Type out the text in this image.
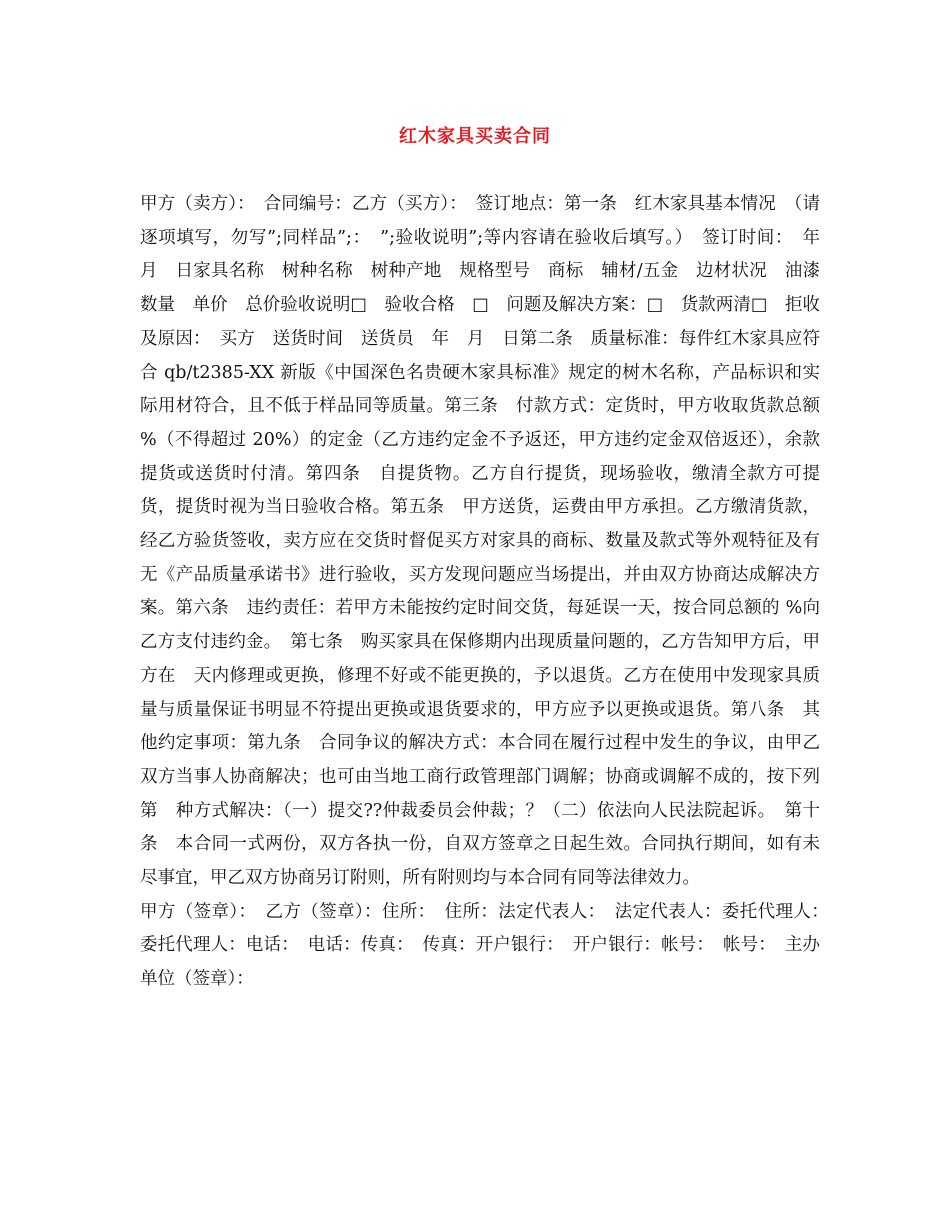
红木家具买卖合同

甲方（卖方）：　合同编号：乙方（买方）：　签订地点：第一条　红木家具基本情况　（请逐项填写，勿写”;同样品”;：　”;验收说明”;等内容请在验收后填写。）　签订时间：　年　月　日家具名称　树种名称　树种产地　规格型号　商标　辅材/五金　边材状况　油漆　数量　单价　总价验收说明□　验收合格　□　问题及解决方案：□　货款两清□　拒收及原因：　买方　送货时间　送货员　年　月　日第二条　质量标准：每件红木家具应符合 qb/t2385-XX 新版《中国深色名贵硬木家具标准》规定的树木名称，产品标识和实际用材符合，且不低于样品同等质量。第三条　付款方式：定货时，甲方收取货款总额 %（不得超过 20%）的定金（乙方违约定金不予返还，甲方违约定金双倍返还），余款提货或送货时付清。第四条　自提货物。乙方自行提货，现场验收，缴清全款方可提货，提货时视为当日验收合格。第五条　甲方送货，运费由甲方承担。乙方缴清货款，经乙方验货签收，卖方应在交货时督促买方对家具的商标、数量及款式等外观特征及有无《产品质量承诺书》进行验收，买方发现问题应当场提出，并由双方协商达成解决方案。第六条　违约责任：若甲方未能按约定时间交货，每延误一天，按合同总额的 %向乙方支付违约金。　第七条　购买家具在保修期内出现质量问题的，乙方告知甲方后，甲方在　天内修理或更换，修理不好或不能更换的，予以退货。乙方在使用中发现家具质量与质量保证书明显不符提出更换或退货要求的，甲方应予以更换或退货。第八条　其他约定事项：第九条　合同争议的解决方式：本合同在履行过程中发生的争议，由甲乙双方当事人协商解决；也可由当地工商行政管理部门调解；协商或调解不成的，按下列第　种方式解决：（一）提交??仲裁委员会仲裁；？（二）依法向人民法院起诉。　第十条　本合同一式两份，双方各执一份，自双方签章之日起生效。合同执行期间，如有未尽事宜，甲乙双方协商另订附则，所有附则均与本合同有同等法律效力。

甲方（签章）：　乙方（签章）：住所：　住所：法定代表人：　法定代表人：委托代理人：　委托代理人：电话：　电话：传真：　传真：开户银行：　开户银行：帐号：　帐号：　主办单位（签章）：
